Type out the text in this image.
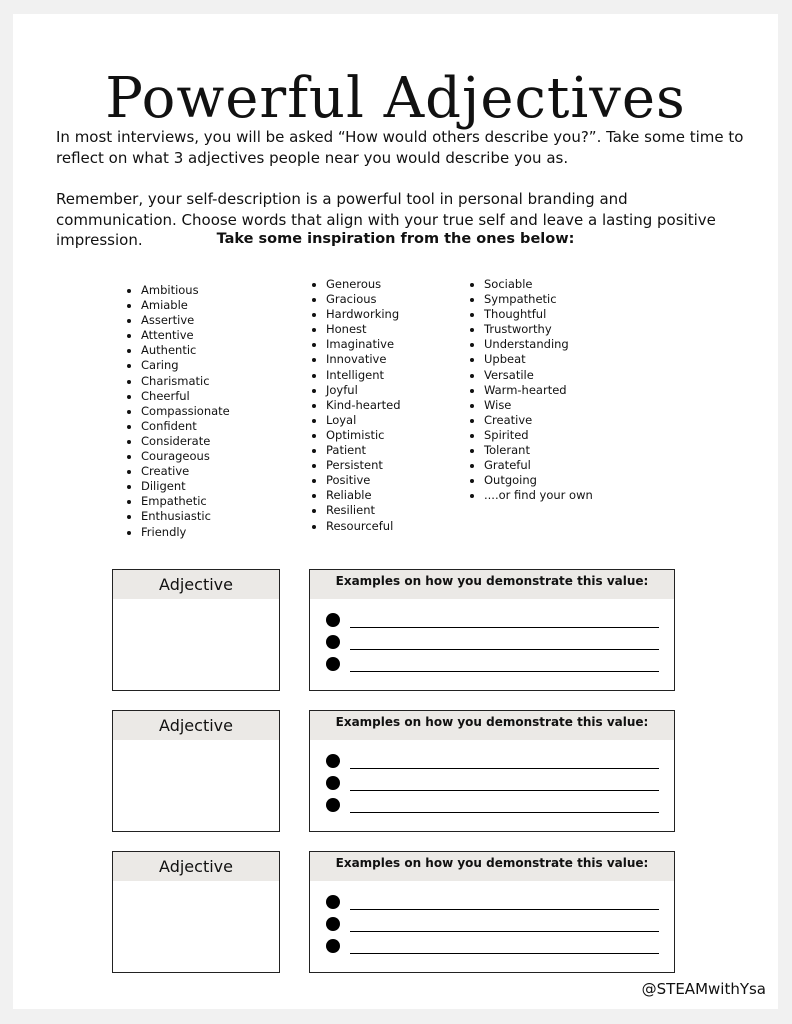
Powerful Adjectives
In most interviews, you will be asked “How would others describe you?”. Take some time to reflect on what 3 adjectives people near you would describe you as.
Remember, your self-description is a powerful tool in personal branding and communication. Choose words that align with your true self and leave a lasting positive impression.	Take some inspiration from the ones below:
• Ambitious
• Amiable
• Assertive
• Attentive
• Authentic
• Caring
• Charismatic
• Cheerful
• Compassionate
• Confident
• Considerate
• Courageous
• Creative
• Diligent
• Empathetic
• Enthusiastic
• Friendly
• Generous
• Gracious
• Hardworking
• Honest
• Imaginative
• Innovative
• Intelligent
• Joyful
• Kind-hearted
• Loyal
• Optimistic
• Patient
• Persistent
• Positive
• Reliable
• Resilient
• Resourceful
• Sociable
• Sympathetic
• Thoughtful
• Trustworthy
• Understanding
• Upbeat
• Versatile
• Warm-hearted
• Wise
• Creative
• Spirited
• Tolerant
• Grateful
• Outgoing
• ....or find your own
Adjective	Examples on how you demonstrate this value:
Adjective	Examples on how you demonstrate this value:
Adjective	Examples on how you demonstrate this value:
@STEAMwithYsa
